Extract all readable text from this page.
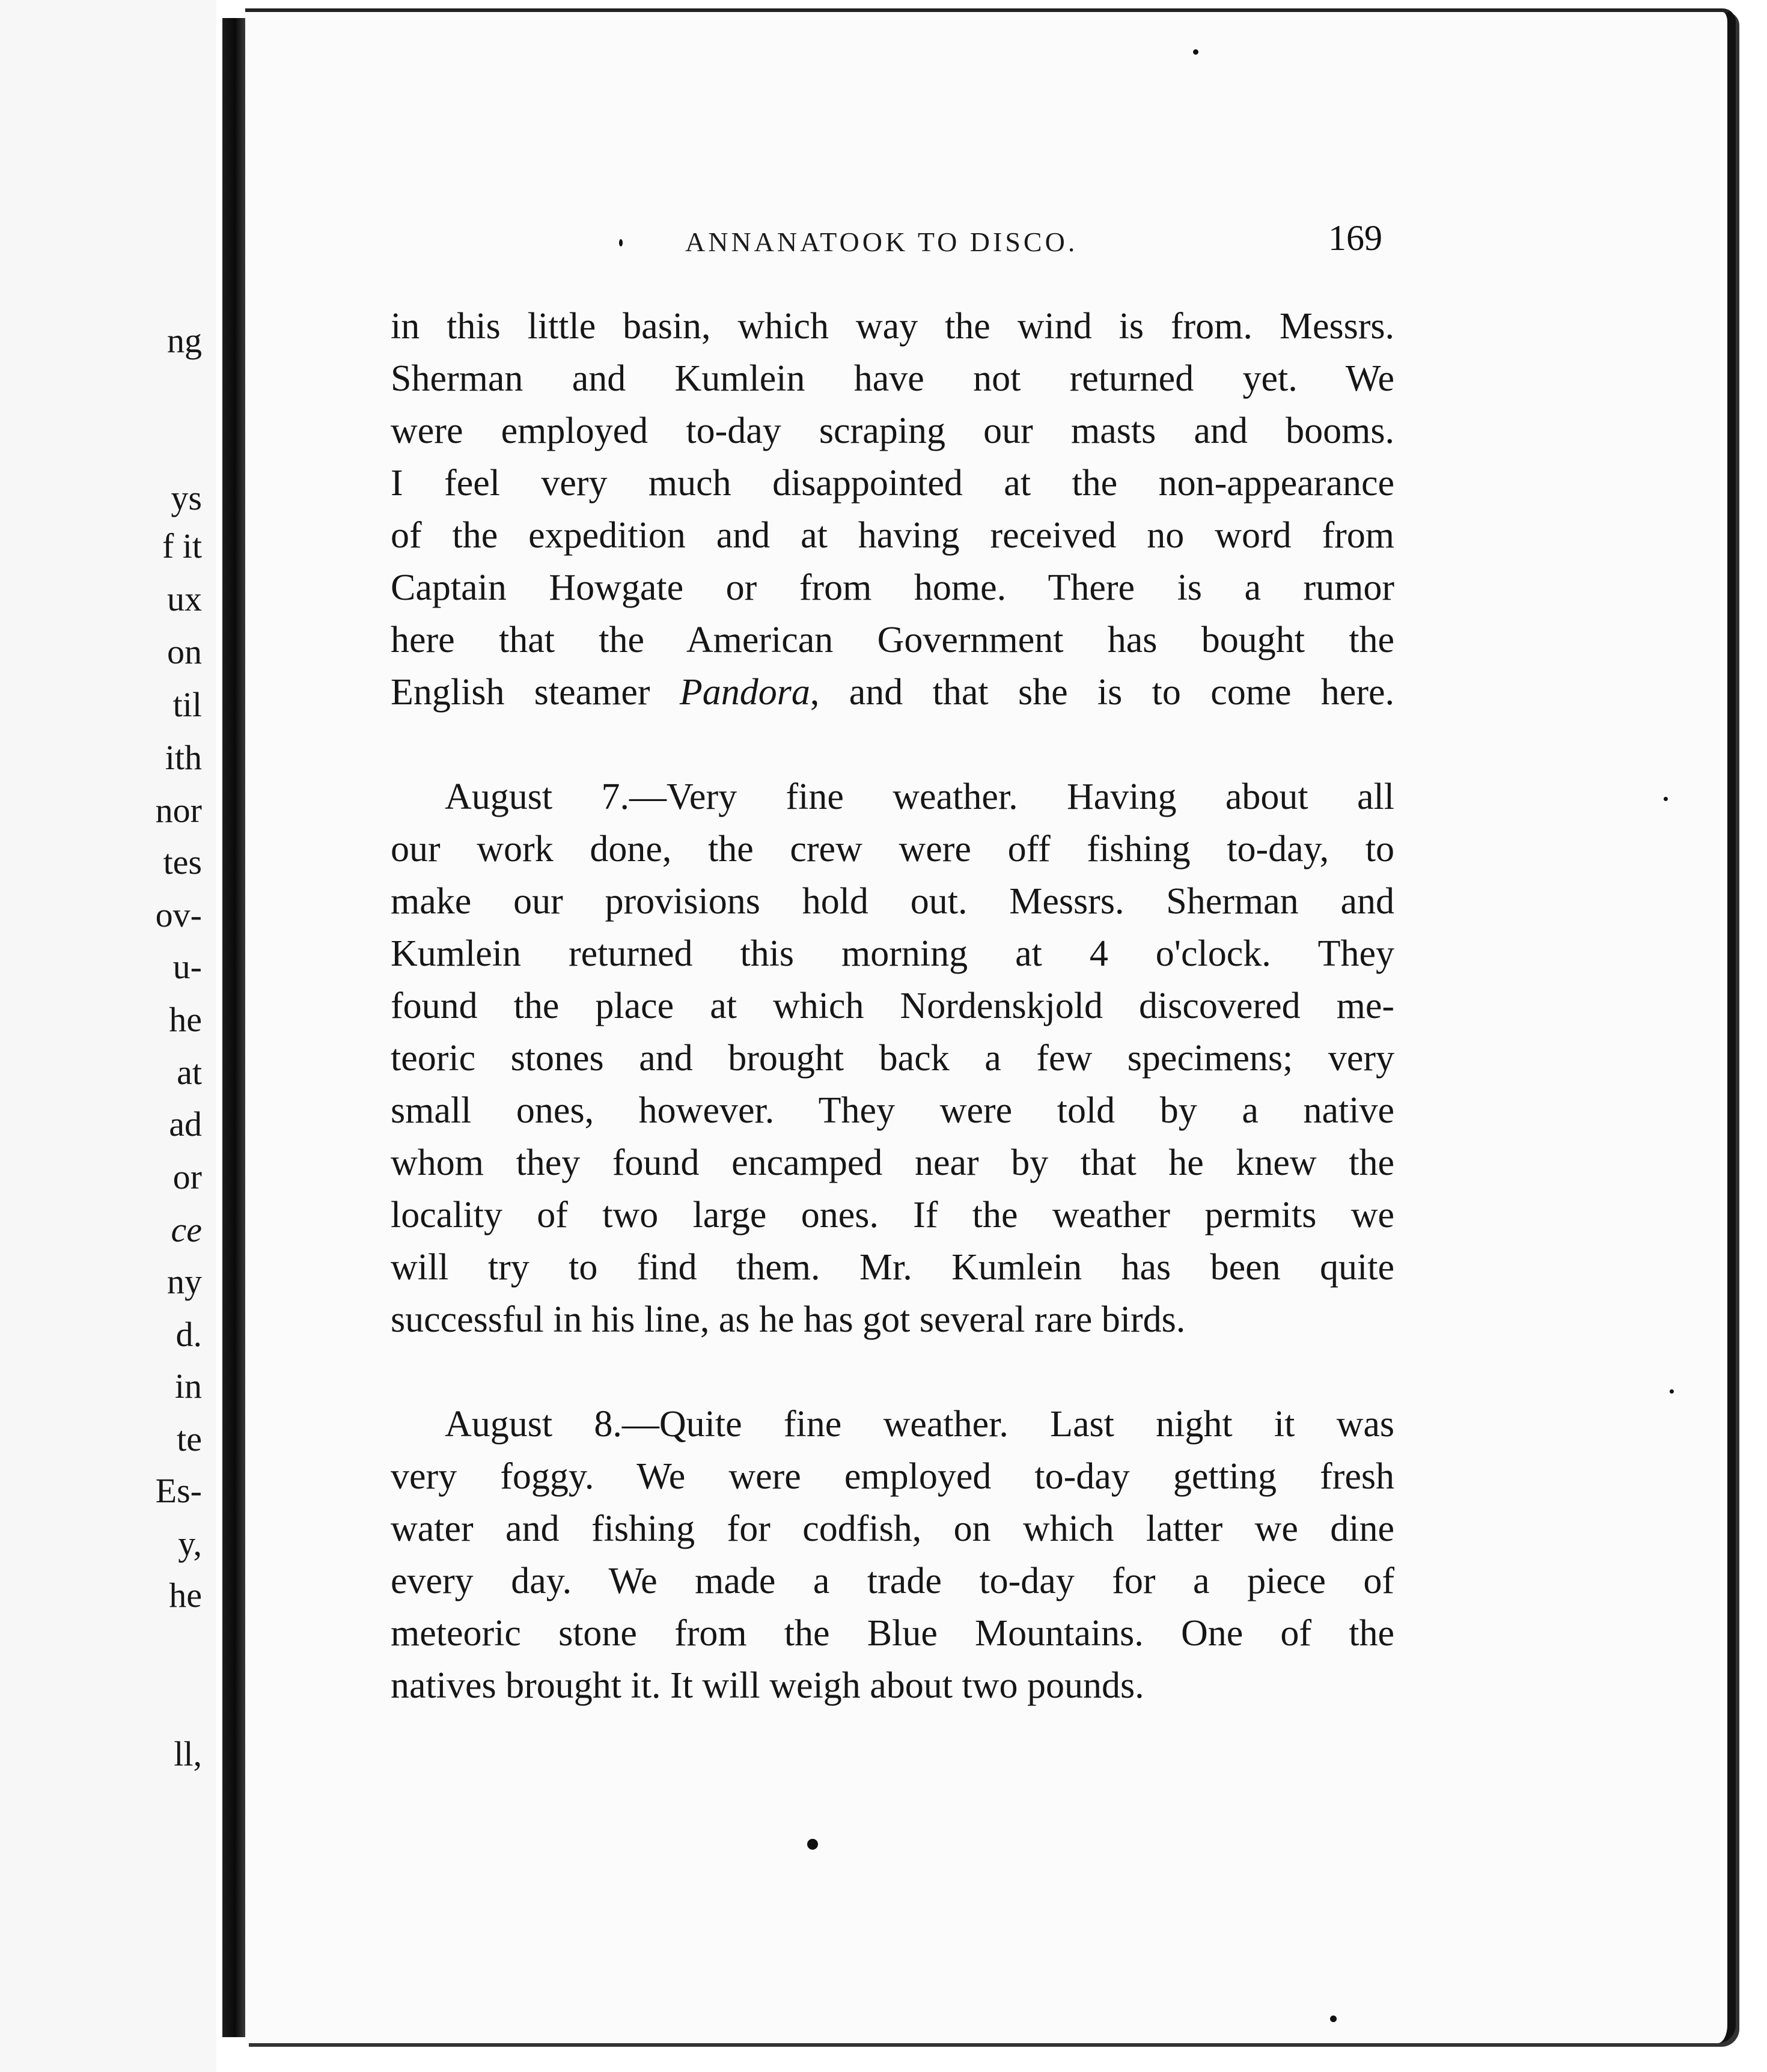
ng

ys

f it

ux

on

til

ith

nor

tes

ov-

u-

he

at

ad

or

ce

ny

d.

in

te

Es-

y,

he

ll,

ANNANATOOK TO DISCO.	169

in this little basin, which way the wind is from. Messrs.
Sherman and Kumlein have not returned yet. We
were employed to-day scraping our masts and booms.
I feel very much disappointed at the non-appearance
of the expedition and at having received no word from
Captain Howgate or from home. There is a rumor
here that the American Government has bought the
English steamer Pandora, and that she is to come here.
August 7.—Very fine weather. Having about all
our work done, the crew were off fishing to-day, to
make our provisions hold out. Messrs. Sherman and
Kumlein returned this morning at 4 o'clock. They
found the place at which Nordenskjold discovered me-
teoric stones and brought back a few specimens; very
small ones, however. They were told by a native
whom they found encamped near by that he knew the
locality of two large ones. If the weather permits we
will try to find them. Mr. Kumlein has been quite
successful in his line, as he has got several rare birds.
August 8.—Quite fine weather. Last night it was
very foggy. We were employed to-day getting fresh
water and fishing for codfish, on which latter we dine
every day. We made a trade to-day for a piece of
meteoric stone from the Blue Mountains. One of the
natives brought it. It will weigh about two pounds.
